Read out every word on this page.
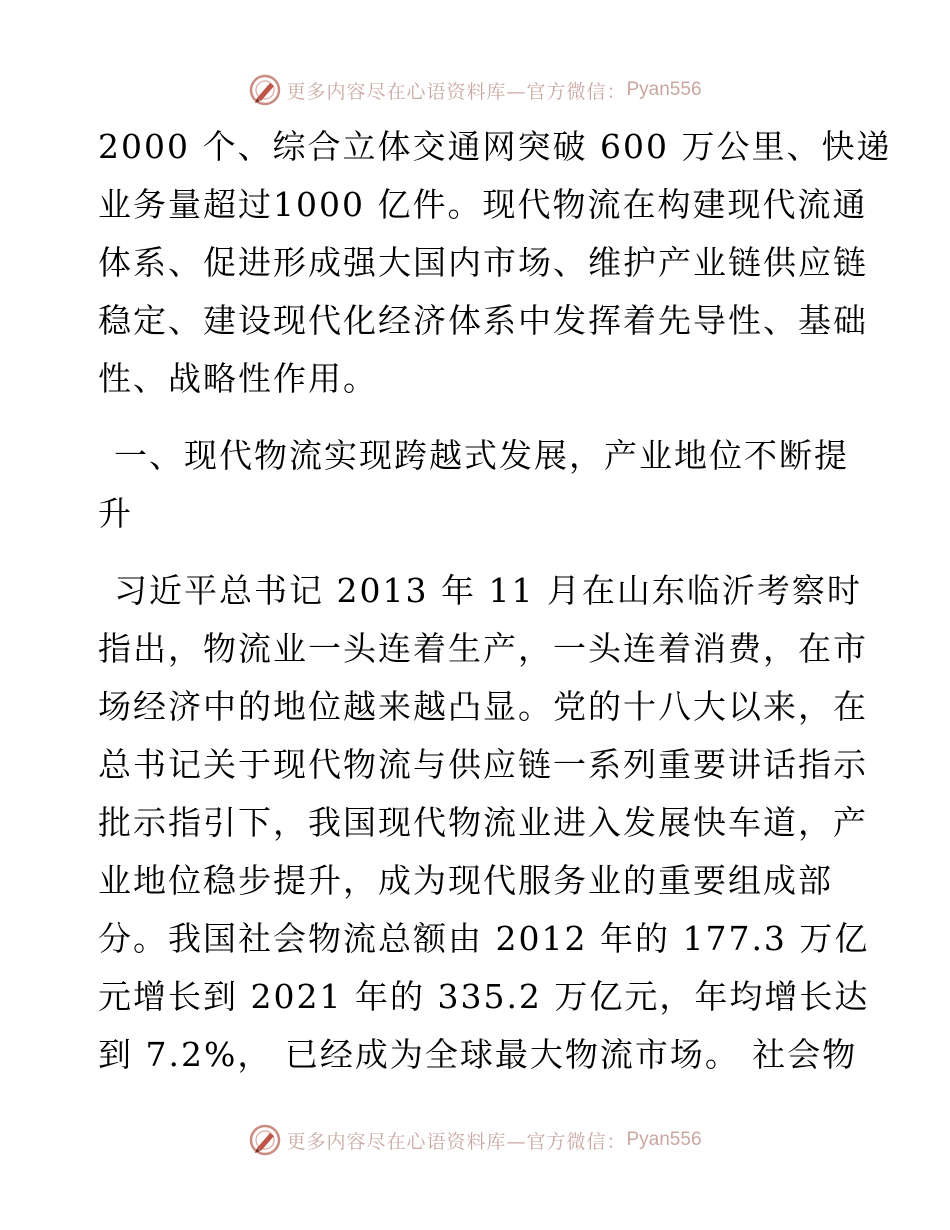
更多内容尽在心语资料库—官方微信： Pyan556

2000 个、综合立体交通网突破 600 万公里、快递
业务量超过1000 亿件。现代物流在构建现代流通
体系、促进形成强大国内市场、维护产业链供应链
稳定、建设现代化经济体系中发挥着先导性、基础
性、战略性作用。

一、现代物流实现跨越式发展，产业地位不断提
升

习近平总书记 2013 年 11 月在山东临沂考察时
指出，物流业一头连着生产，一头连着消费，在市
场经济中的地位越来越凸显。党的十八大以来，在
总书记关于现代物流与供应链一系列重要讲话指示
批示指引下，我国现代物流业进入发展快车道，产
业地位稳步提升，成为现代服务业的重要组成部
分。我国社会物流总额由 2012 年的 177.3 万亿
元增长到 2021 年的 335.2 万亿元，年均增长达
到 7.2%， 已经成为全球最大物流市场。 社会物

更多内容尽在心语资料库—官方微信： Pyan556
